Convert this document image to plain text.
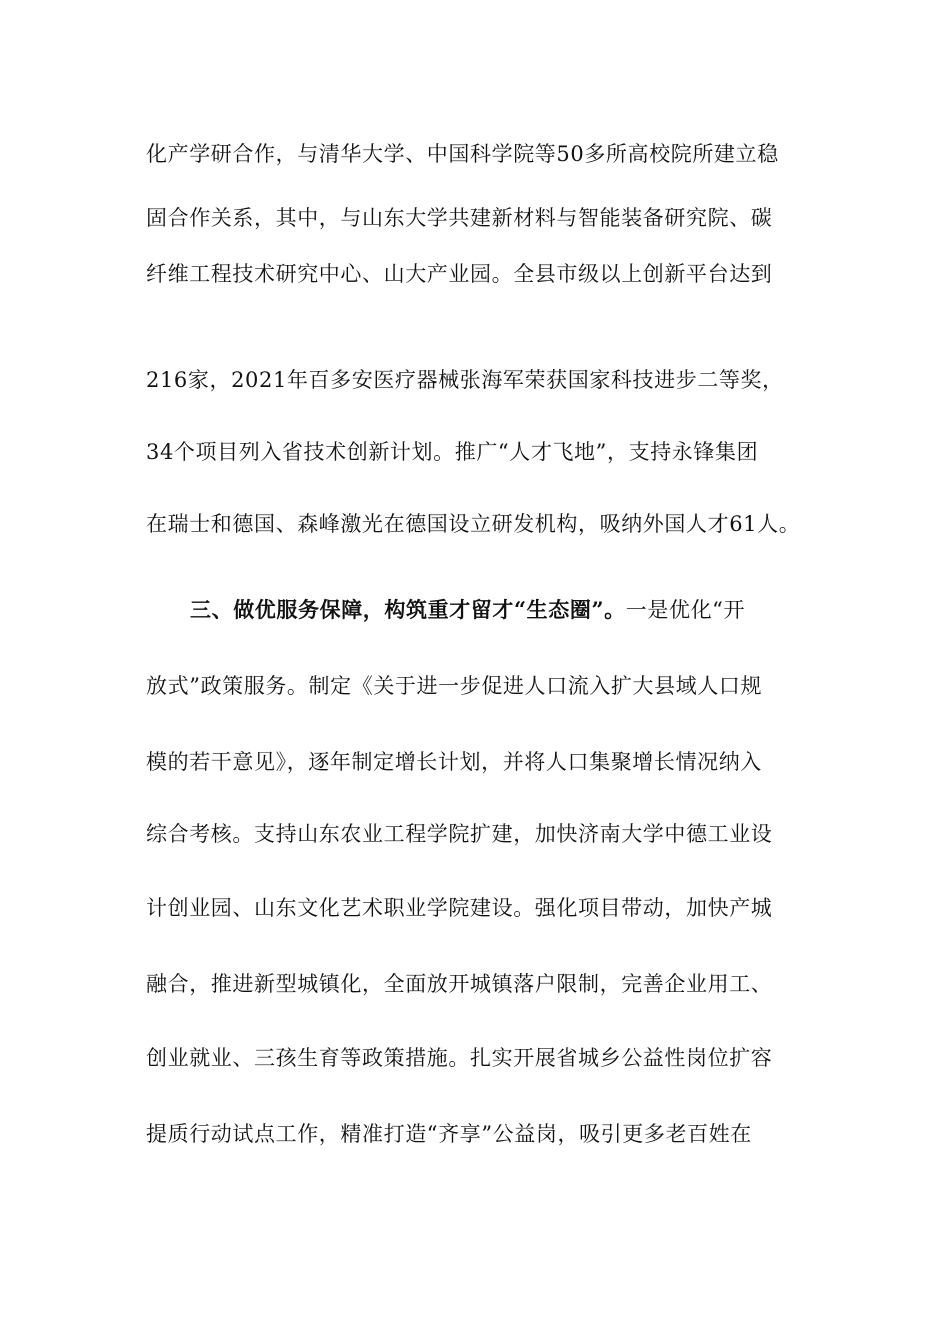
化产学研合作，与清华大学、中国科学院等50多所高校院所建立稳
固合作关系，其中，与山东大学共建新材料与智能装备研究院、碳
纤维工程技术研究中心、山大产业园。全县市级以上创新平台达到
216家，2021年百多安医疗器械张海军荣获国家科技进步二等奖，
34个项目列入省技术创新计划。推广“人才飞地”，支持永锋集团
在瑞士和德国、森峰激光在德国设立研发机构，吸纳外国人才61人。
三、做优服务保障，构筑重才留才“生态圈”。一是优化“开
放式”政策服务。制定《关于进一步促进人口流入扩大县域人口规
模的若干意见》，逐年制定增长计划，并将人口集聚增长情况纳入
综合考核。支持山东农业工程学院扩建，加快济南大学中德工业设
计创业园、山东文化艺术职业学院建设。强化项目带动，加快产城
融合，推进新型城镇化，全面放开城镇落户限制，完善企业用工、
创业就业、三孩生育等政策措施。扎实开展省城乡公益性岗位扩容
提质行动试点工作，精准打造“齐享”公益岗，吸引更多老百姓在
